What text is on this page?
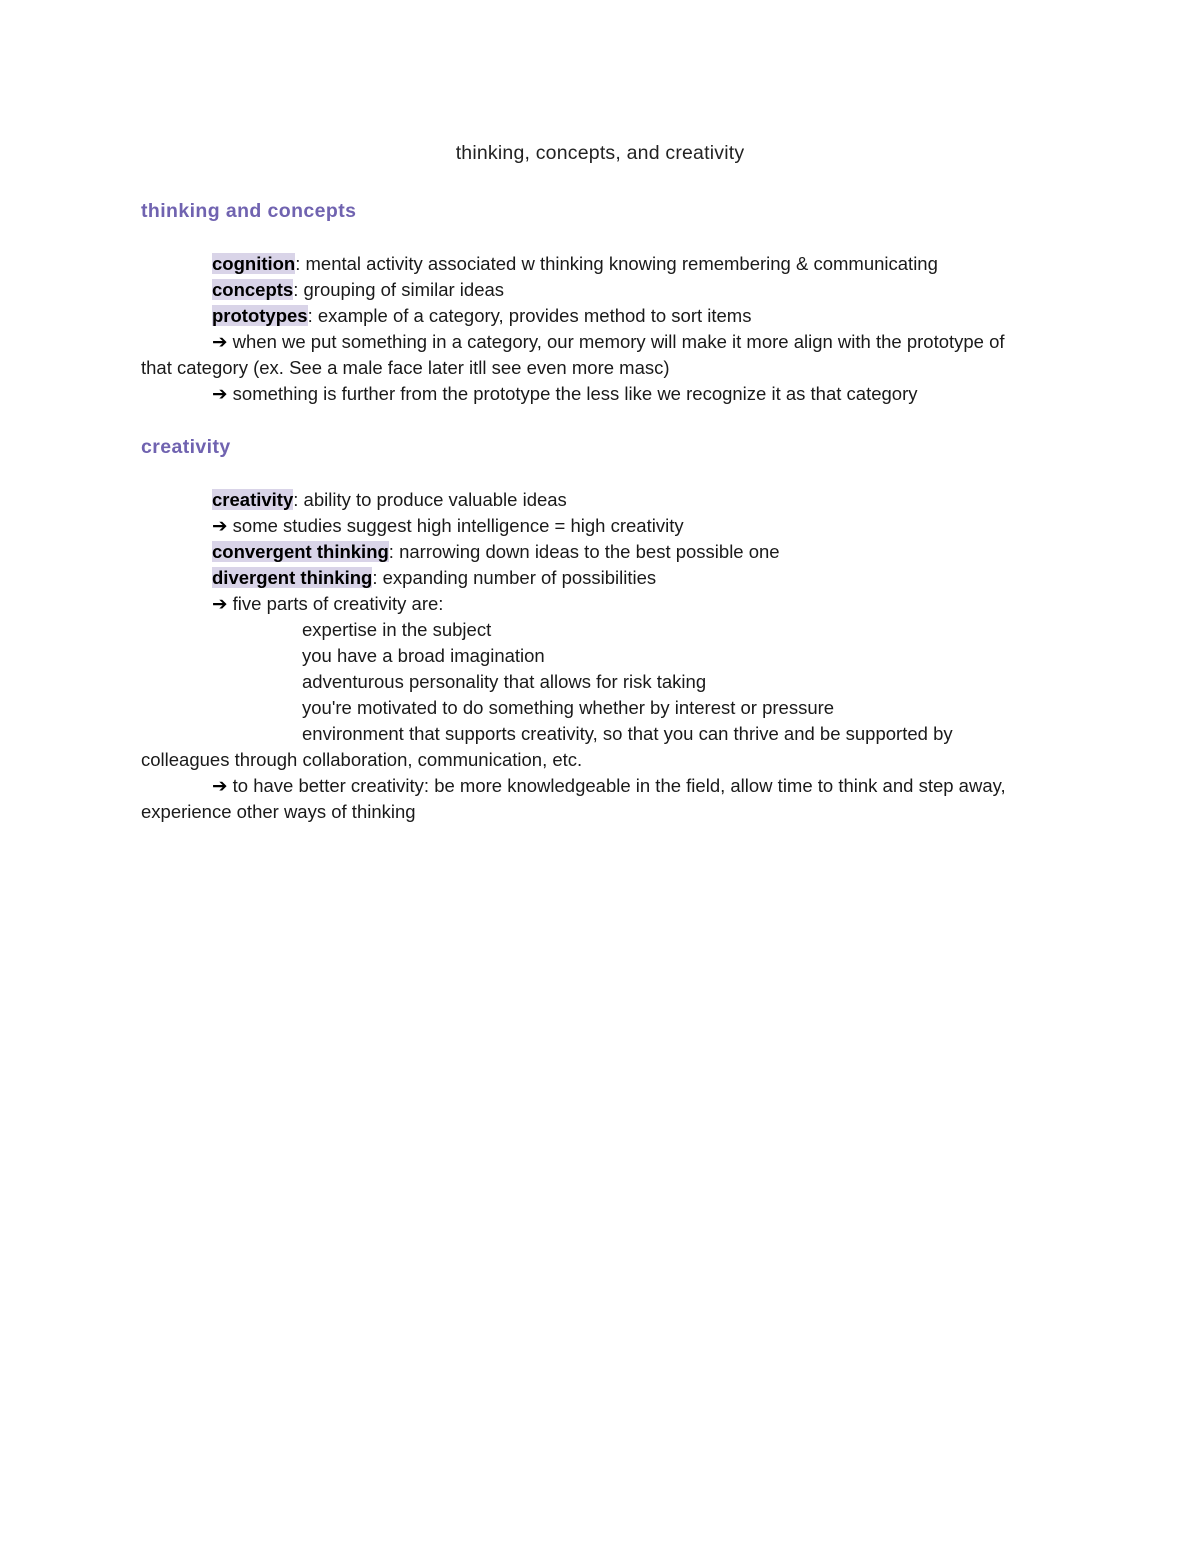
thinking, concepts, and creativity
thinking and concepts
cognition: mental activity associated w thinking knowing remembering & communicating
concepts: grouping of similar ideas
prototypes: example of a category, provides method to sort items
➔ when we put something in a category, our memory will make it more align with the prototype of
that category (ex. See a male face later itll see even more masc)
➔ something is further from the prototype the less like we recognize it as that category
creativity
creativity: ability to produce valuable ideas
➔ some studies suggest high intelligence = high creativity
convergent thinking: narrowing down ideas to the best possible one
divergent thinking: expanding number of possibilities
➔ five parts of creativity are:
expertise in the subject
you have a broad imagination
adventurous personality that allows for risk taking
you're motivated to do something whether by interest or pressure
environment that supports creativity, so that you can thrive and be supported by
colleagues through collaboration, communication, etc.
➔ to have better creativity: be more knowledgeable in the field, allow time to think and step away,
experience other ways of thinking
